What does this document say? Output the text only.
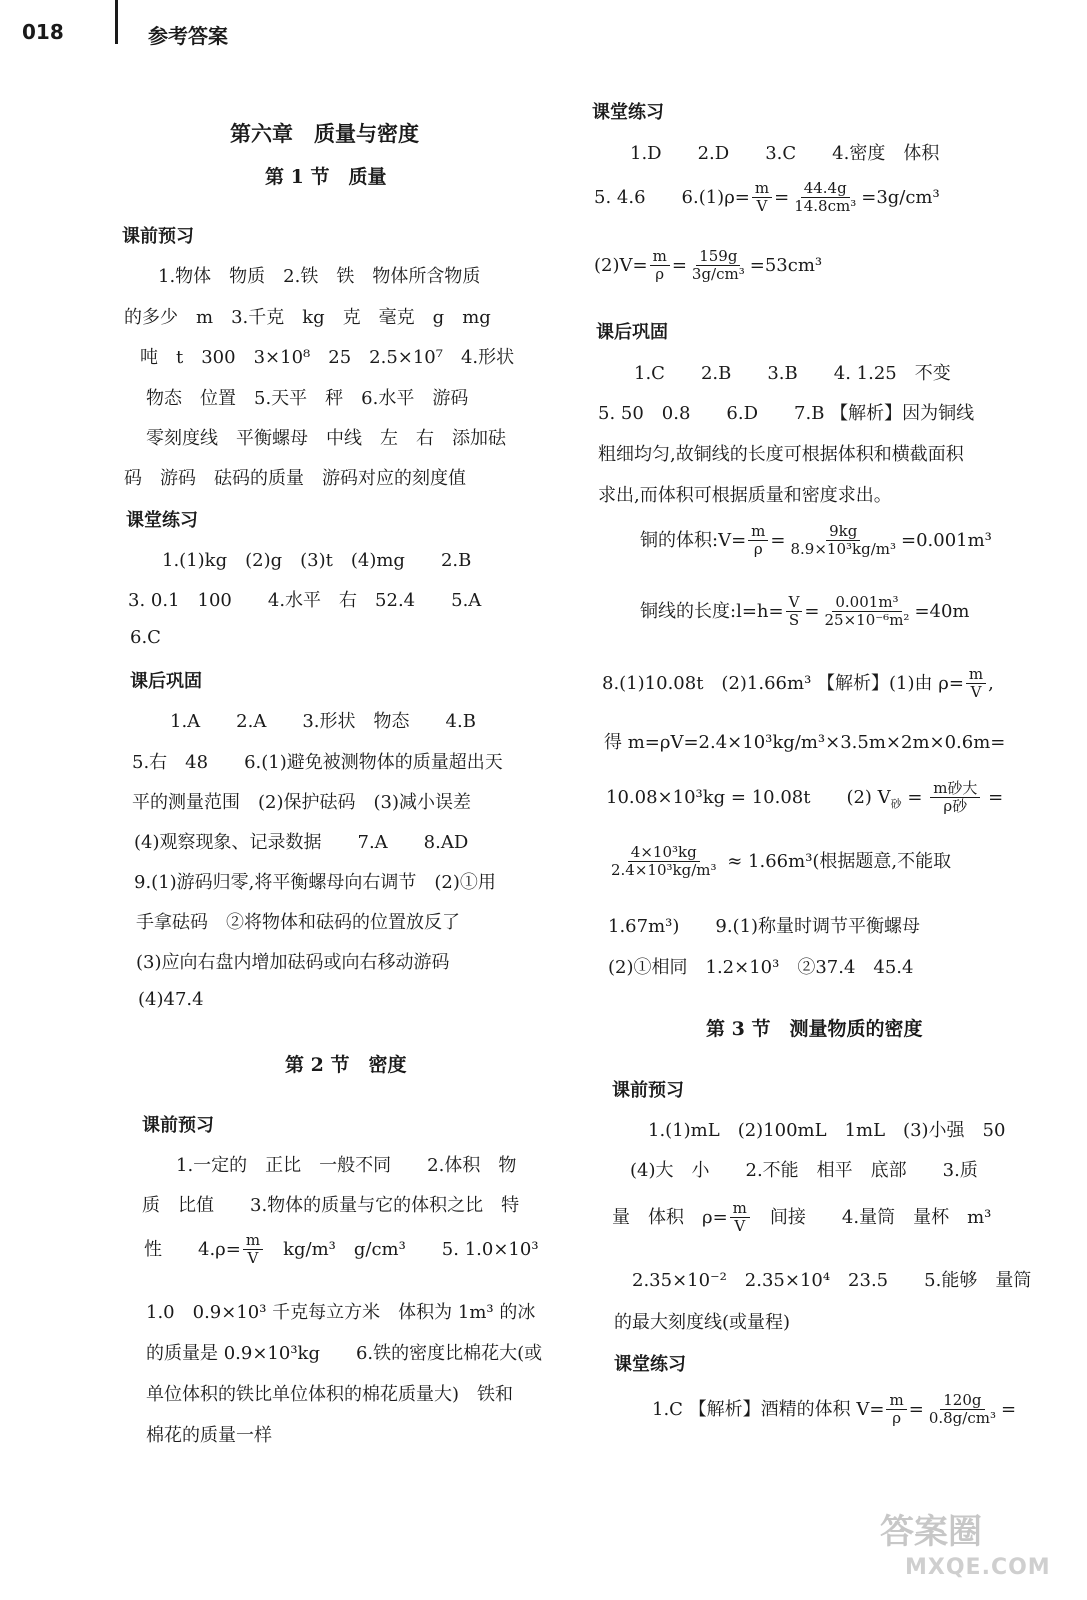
018	参考答案
第六章　质量与密度
第 1 节　质量
课前预习
1.物体　物质　2.铁　铁　物体所含物质
的多少　m　3.千克　kg　克　毫克　g　mg
吨　t　300　3×10⁸　25　2.5×10⁷　4.形状
物态　位置　5.天平　秤　6.水平　游码
零刻度线　平衡螺母　中线　左　右　添加砝
码　游码　砝码的质量　游码对应的刻度值
课堂练习
1.(1)kg　(2)g　(3)t　(4)mg　　2.B
3. 0.1　100　　4.水平　右　52.4　　5.A
6.C
课后巩固
1.A　　2.A　　3.形状　物态　　4.B
5.右　48　　6.(1)避免被测物体的质量超出天
平的测量范围　(2)保护砝码　(3)减小误差
(4)观察现象、记录数据　　7.A　　8.AD
9.(1)游码归零,将平衡螺母向右调节　(2)①用
手拿砝码　②将物体和砝码的位置放反了
(3)应向右盘内增加砝码或向右移动游码
(4)47.4
第 2 节　密度
课前预习
1.一定的　正比　一般不同　　2.体积　物
质　比值　　3.物体的质量与它的体积之比　特
性　　$4.\rho= \frac{m}{V}$ 　kg/m³　g/cm³　　5. 1.0×10³
1.0　0.9×10³ 千克每立方米　体积为 1m³ 的冰
的质量是 0.9×10³kg　　6.铁的密度比棉花大(或
单位体积的铁比单位体积的棉花质量大)　铁和
棉花的质量一样
课堂练习
1.D　　2.D　　3.C　　4.密度　体积
5. 4.6　　$6.(1)\rho= \frac{m}{V} = \frac{44.4g}{\text{14.8cm³}} =3g/cm^3$
$(2)V= \frac{m}{\rho} = \frac{159g}{\text{3g/cm³}} =53cm^3$
课后巩固
1.C　　2.B　　3.B　　4. 1.25　不变
5. 50　0.8　　6.D　　7.B 【解析】因为铜线
粗细均匀,故铜线的长度可根据体积和横截面积
求出,而体积可根据质量和密度求出。
铜的体积:V= $\frac{m}{\rho} = \frac{9kg}{\text{8.9×10³kg/m³}} =0.001m^3$
铜线的长度:l=h= $\frac{V}{S} = \frac{\text{0.001m³}}{\text{25×10⁻⁶m²}} =40m$
8.(1)10.08t　(2)1.66m³ 【解析】(1)由 $\rho= \frac{m}{V}$ ,
得 m=ρV=2.4×10³kg/m³×3.5m×2m×0.6m=
10.08×10³kg = 10.08t　　(2) $V_砂 = \frac{\text{m砂大}}{\text{ρ砂}}$ =
$\frac{\text{4×10³kg}}{\text{2.4×10³kg/m³}} \approx 1.66m^3$(根据题意,不能取
1.67m³)　　9.(1)称量时调节平衡螺母
(2)①相同　1.2×10³　②37.4　45.4
第 3 节　测量物质的密度
课前预习
1.(1)mL　(2)100mL　1mL　(3)小强　50
(4)大　小　　2.不能　相平　底部　　3.质
量　体积　$\rho= \frac{m}{V}$ 　间接　　4.量筒　量杯　m³
2.35×10⁻²　2.35×10⁴　23.5　　5.能够　量筒
的最大刻度线(或量程)
课堂练习
1.C 【解析】酒精的体积 $V= \frac{m}{\rho} = \frac{120g}{\text{0.8g/cm³}}$ =
答案圈
MXQE.COM
